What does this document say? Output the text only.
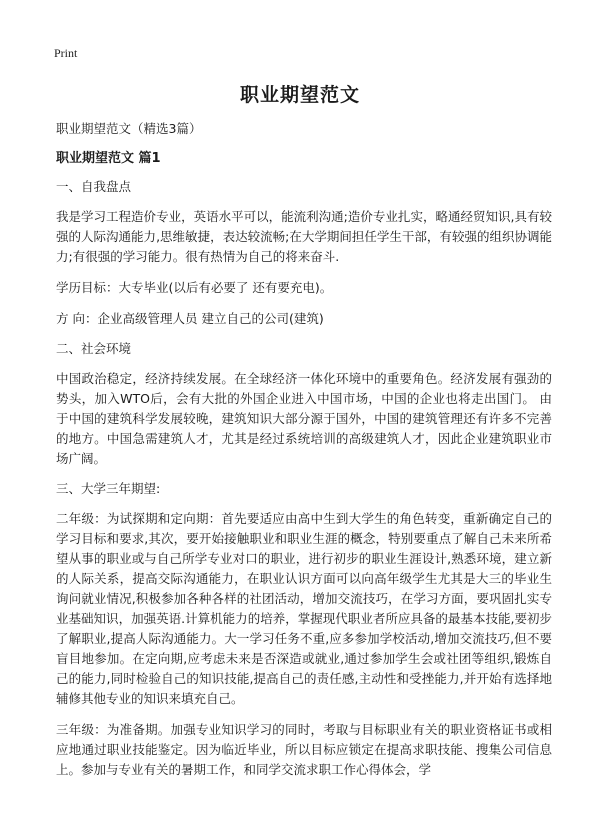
Print
职业期望范文

职业期望范文（精选3篇）

职业期望范文 篇1

一、自我盘点

我是学习工程造价专业，英语水平可以，能流利沟通;造价专业扎实，略通经贸知识,具有较强的人际沟通能力,思维敏捷，表达较流畅;在大学期间担任学生干部，有较强的组织协调能力;有很强的学习能力。很有热情为自己的将来奋斗.

学历目标：大专毕业(以后有必要了 还有要充电)。

方 向：企业高级管理人员 建立自己的公司(建筑)

二、社会环境

中国政治稳定，经济持续发展。在全球经济一体化环境中的重要角色。经济发展有强劲的势头，加入WTO后，会有大批的外国企业进入中国市场，中国的企业也将走出国门。 由于中国的建筑科学发展较晚，建筑知识大部分源于国外，中国的建筑管理还有许多不完善的地方。中国急需建筑人才，尤其是经过系统培训的高级建筑人才，因此企业建筑职业市场广阔。

三、大学三年期望:

二年级：为试探期和定向期：首先要适应由高中生到大学生的角色转变，重新确定自己的学习目标和要求,其次，要开始接触职业和职业生涯的概念，特别要重点了解自己未来所希望从事的职业或与自己所学专业对口的职业，进行初步的职业生涯设计,熟悉环境，建立新的人际关系，提高交际沟通能力，在职业认识方面可以向高年级学生尤其是大三的毕业生询问就业情况,积极参加各种各样的社团活动，增加交流技巧，在学习方面，要巩固扎实专业基础知识，加强英语.计算机能力的培养，掌握现代职业者所应具备的最基本技能,要初步了解职业,提高人际沟通能力。大一学习任务不重,应多参加学校活动,增加交流技巧,但不要盲目地参加。在定向期,应考虑未来是否深造或就业,通过参加学生会或社团等组织,锻炼自己的能力,同时检验自己的知识技能,提高自己的责任感,主动性和受挫能力,并开始有选择地辅修其他专业的知识来填充自己。

三年级：为准备期。加强专业知识学习的同时，考取与目标职业有关的职业资格证书或相应地通过职业技能鉴定。因为临近毕业，所以目标应锁定在提高求职技能、搜集公司信息上。参加与专业有关的暑期工作，和同学交流求职工作心得体会，学
